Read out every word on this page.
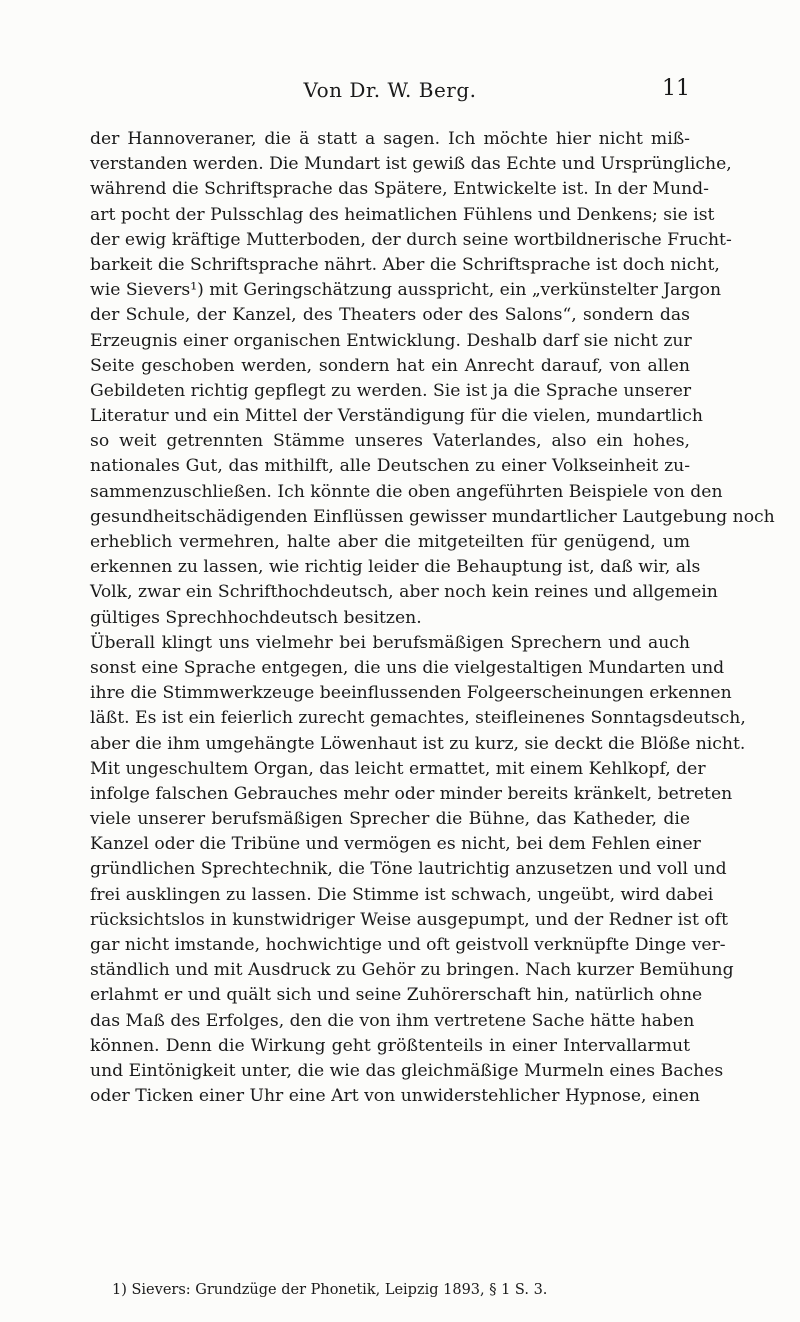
Von Dr. W. Berg.	11
der Hannoveraner, die ä statt a sagen. Ich möchte hier nicht miß-
verstanden werden. Die Mundart ist gewiß das Echte und Ursprüngliche,
während die Schriftsprache das Spätere, Entwickelte ist. In der Mund-
art pocht der Pulsschlag des heimatlichen Fühlens und Denkens; sie ist
der ewig kräftige Mutterboden, der durch seine wortbildnerische Frucht-
barkeit die Schriftsprache nährt. Aber die Schriftsprache ist doch nicht,
wie Sievers¹) mit Geringschätzung ausspricht, ein „verkünstelter Jargon
der Schule, der Kanzel, des Theaters oder des Salons“, sondern das
Erzeugnis einer organischen Entwicklung. Deshalb darf sie nicht zur
Seite geschoben werden, sondern hat ein Anrecht darauf, von allen
Gebildeten richtig gepflegt zu werden. Sie ist ja die Sprache unserer
Literatur und ein Mittel der Verständigung für die vielen, mundartlich
so weit getrennten Stämme unseres Vaterlandes, also ein hohes,
nationales Gut, das mithilft, alle Deutschen zu einer Volkseinheit zu-
sammenzuschließen. Ich könnte die oben angeführten Beispiele von den
gesundheitschädigenden Einflüssen gewisser mundartlicher Lautgebung noch
erheblich vermehren, halte aber die mitgeteilten für genügend, um
erkennen zu lassen, wie richtig leider die Behauptung ist, daß wir, als
Volk, zwar ein Schrifthochdeutsch, aber noch kein reines und allgemein
gültiges Sprechhochdeutsch besitzen.
Überall klingt uns vielmehr bei berufsmäßigen Sprechern und auch
sonst eine Sprache entgegen, die uns die vielgestaltigen Mundarten und
ihre die Stimmwerkzeuge beeinflussenden Folgeerscheinungen erkennen
läßt. Es ist ein feierlich zurecht gemachtes, steifleinenes Sonntagsdeutsch,
aber die ihm umgehängte Löwenhaut ist zu kurz, sie deckt die Blöße nicht.
Mit ungeschultem Organ, das leicht ermattet, mit einem Kehlkopf, der
infolge falschen Gebrauches mehr oder minder bereits kränkelt, betreten
viele unserer berufsmäßigen Sprecher die Bühne, das Katheder, die
Kanzel oder die Tribüne und vermögen es nicht, bei dem Fehlen einer
gründlichen Sprechtechnik, die Töne lautrichtig anzusetzen und voll und
frei ausklingen zu lassen. Die Stimme ist schwach, ungeübt, wird dabei
rücksichtslos in kunstwidriger Weise ausgepumpt, und der Redner ist oft
gar nicht imstande, hochwichtige und oft geistvoll verknüpfte Dinge ver-
ständlich und mit Ausdruck zu Gehör zu bringen. Nach kurzer Bemühung
erlahmt er und quält sich und seine Zuhörerschaft hin, natürlich ohne
das Maß des Erfolges, den die von ihm vertretene Sache hätte haben
können. Denn die Wirkung geht größtenteils in einer Intervallarmut
und Eintönigkeit unter, die wie das gleichmäßige Murmeln eines Baches
oder Ticken einer Uhr eine Art von unwiderstehlicher Hypnose, einen
1) Sievers: Grundzüge der Phonetik, Leipzig 1893, § 1 S. 3.
